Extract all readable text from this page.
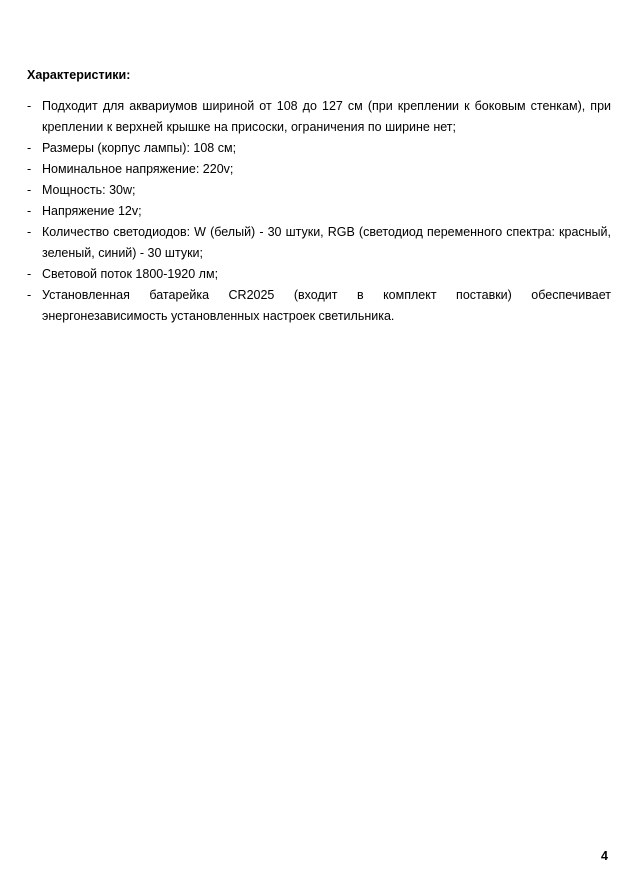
Характеристики:
- Подходит для аквариумов шириной от 108 до 127 см (при креплении к боковым стенкам), при креплении к верхней крышке на присоски, ограничения по ширине нет;
- Размеры (корпус лампы): 108 см;
- Номинальное напряжение: 220v;
- Мощность: 30w;
- Напряжение 12v;
- Количество светодиодов: W (белый) - 30 штуки, RGB (светодиод переменного спектра: красный, зеленый, синий) - 30 штуки;
- Световой поток 1800-1920 лм;
- Установленная батарейка CR2025 (входит в комплект поставки) обеспечивает энергонезависимость установленных настроек светильника.
4
